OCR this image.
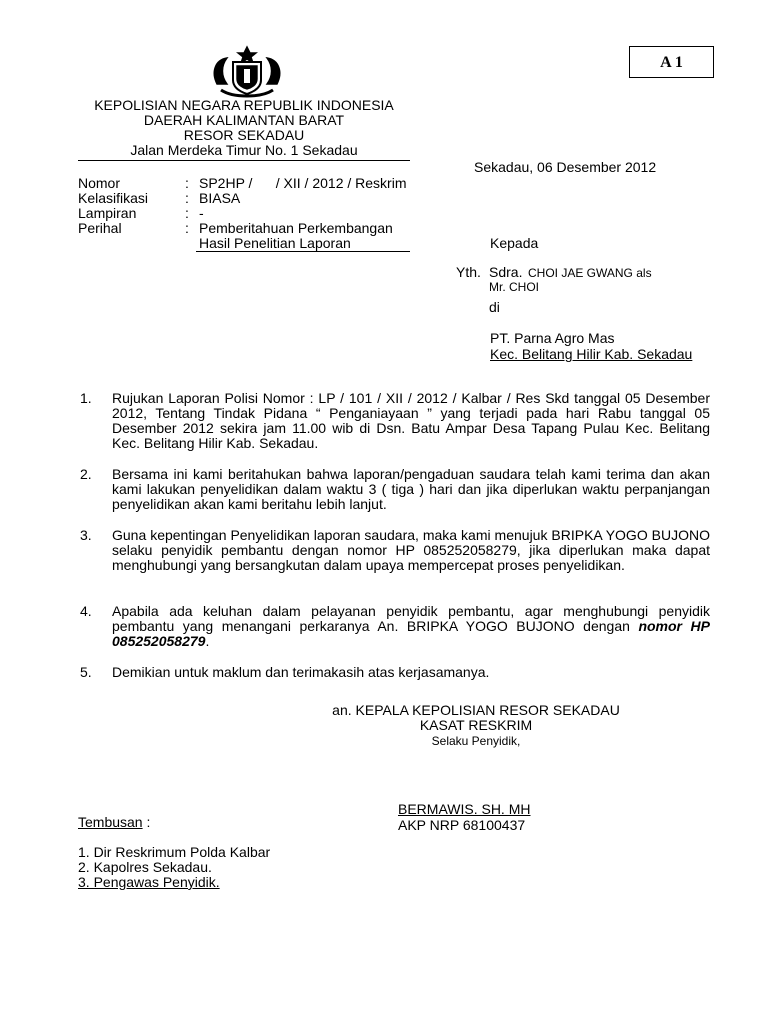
A 1
KEPOLISIAN NEGARA REPUBLIK INDONESIA
DAERAH KALIMANTAN BARAT
RESOR SEKADAU
Jalan Merdeka Timur No. 1 Sekadau
Sekadau, 06 Desember 2012
Nomor	: SP2HP /      / XII / 2012 / Reskrim
Kelasifikasi	: BIASA
Lampiran	: -
Perihal	: Pemberitahuan Perkembangan
Hasil Penelitian Laporan	Kepada
Yth. Sdra. CHOI JAE GWANG als
Mr. CHOI
di
PT. Parna Agro Mas
Kec. Belitang Hilir Kab. Sekadau
1. Rujukan Laporan Polisi Nomor : LP / 101 / XII / 2012 / Kalbar / Res Skd tanggal 05 Desember 2012, Tentang Tindak Pidana “ Penganiayaan ” yang terjadi pada hari Rabu tanggal 05 Desember 2012 sekira jam 11.00 wib di Dsn. Batu Ampar Desa Tapang Pulau Kec. Belitang Kec. Belitang Hilir Kab. Sekadau.
2. Bersama ini kami beritahukan bahwa laporan/pengaduan saudara telah kami terima dan akan kami lakukan penyelidikan dalam waktu 3 ( tiga ) hari dan jika diperlukan waktu perpanjangan penyelidikan akan kami beritahu lebih lanjut.
3. Guna kepentingan Penyelidikan laporan saudara, maka kami menujuk BRIPKA YOGO BUJONO selaku penyidik pembantu dengan nomor HP 085252058279, jika diperlukan maka dapat menghubungi yang bersangkutan dalam upaya mempercepat proses penyelidikan.
4. Apabila ada keluhan dalam pelayanan penyidik pembantu, agar menghubungi penyidik pembantu yang menangani perkaranya An. BRIPKA YOGO BUJONO dengan nomor HP 085252058279.
5. Demikian untuk maklum dan terimakasih atas kerjasamanya.
an. KEPALA KEPOLISIAN RESOR SEKADAU
KASAT RESKRIM
Selaku Penyidik,
BERMAWIS. SH. MH
AKP NRP 68100437
Tembusan :
1. Dir Reskrimum Polda Kalbar
2. Kapolres Sekadau.
3. Pengawas Penyidik.
